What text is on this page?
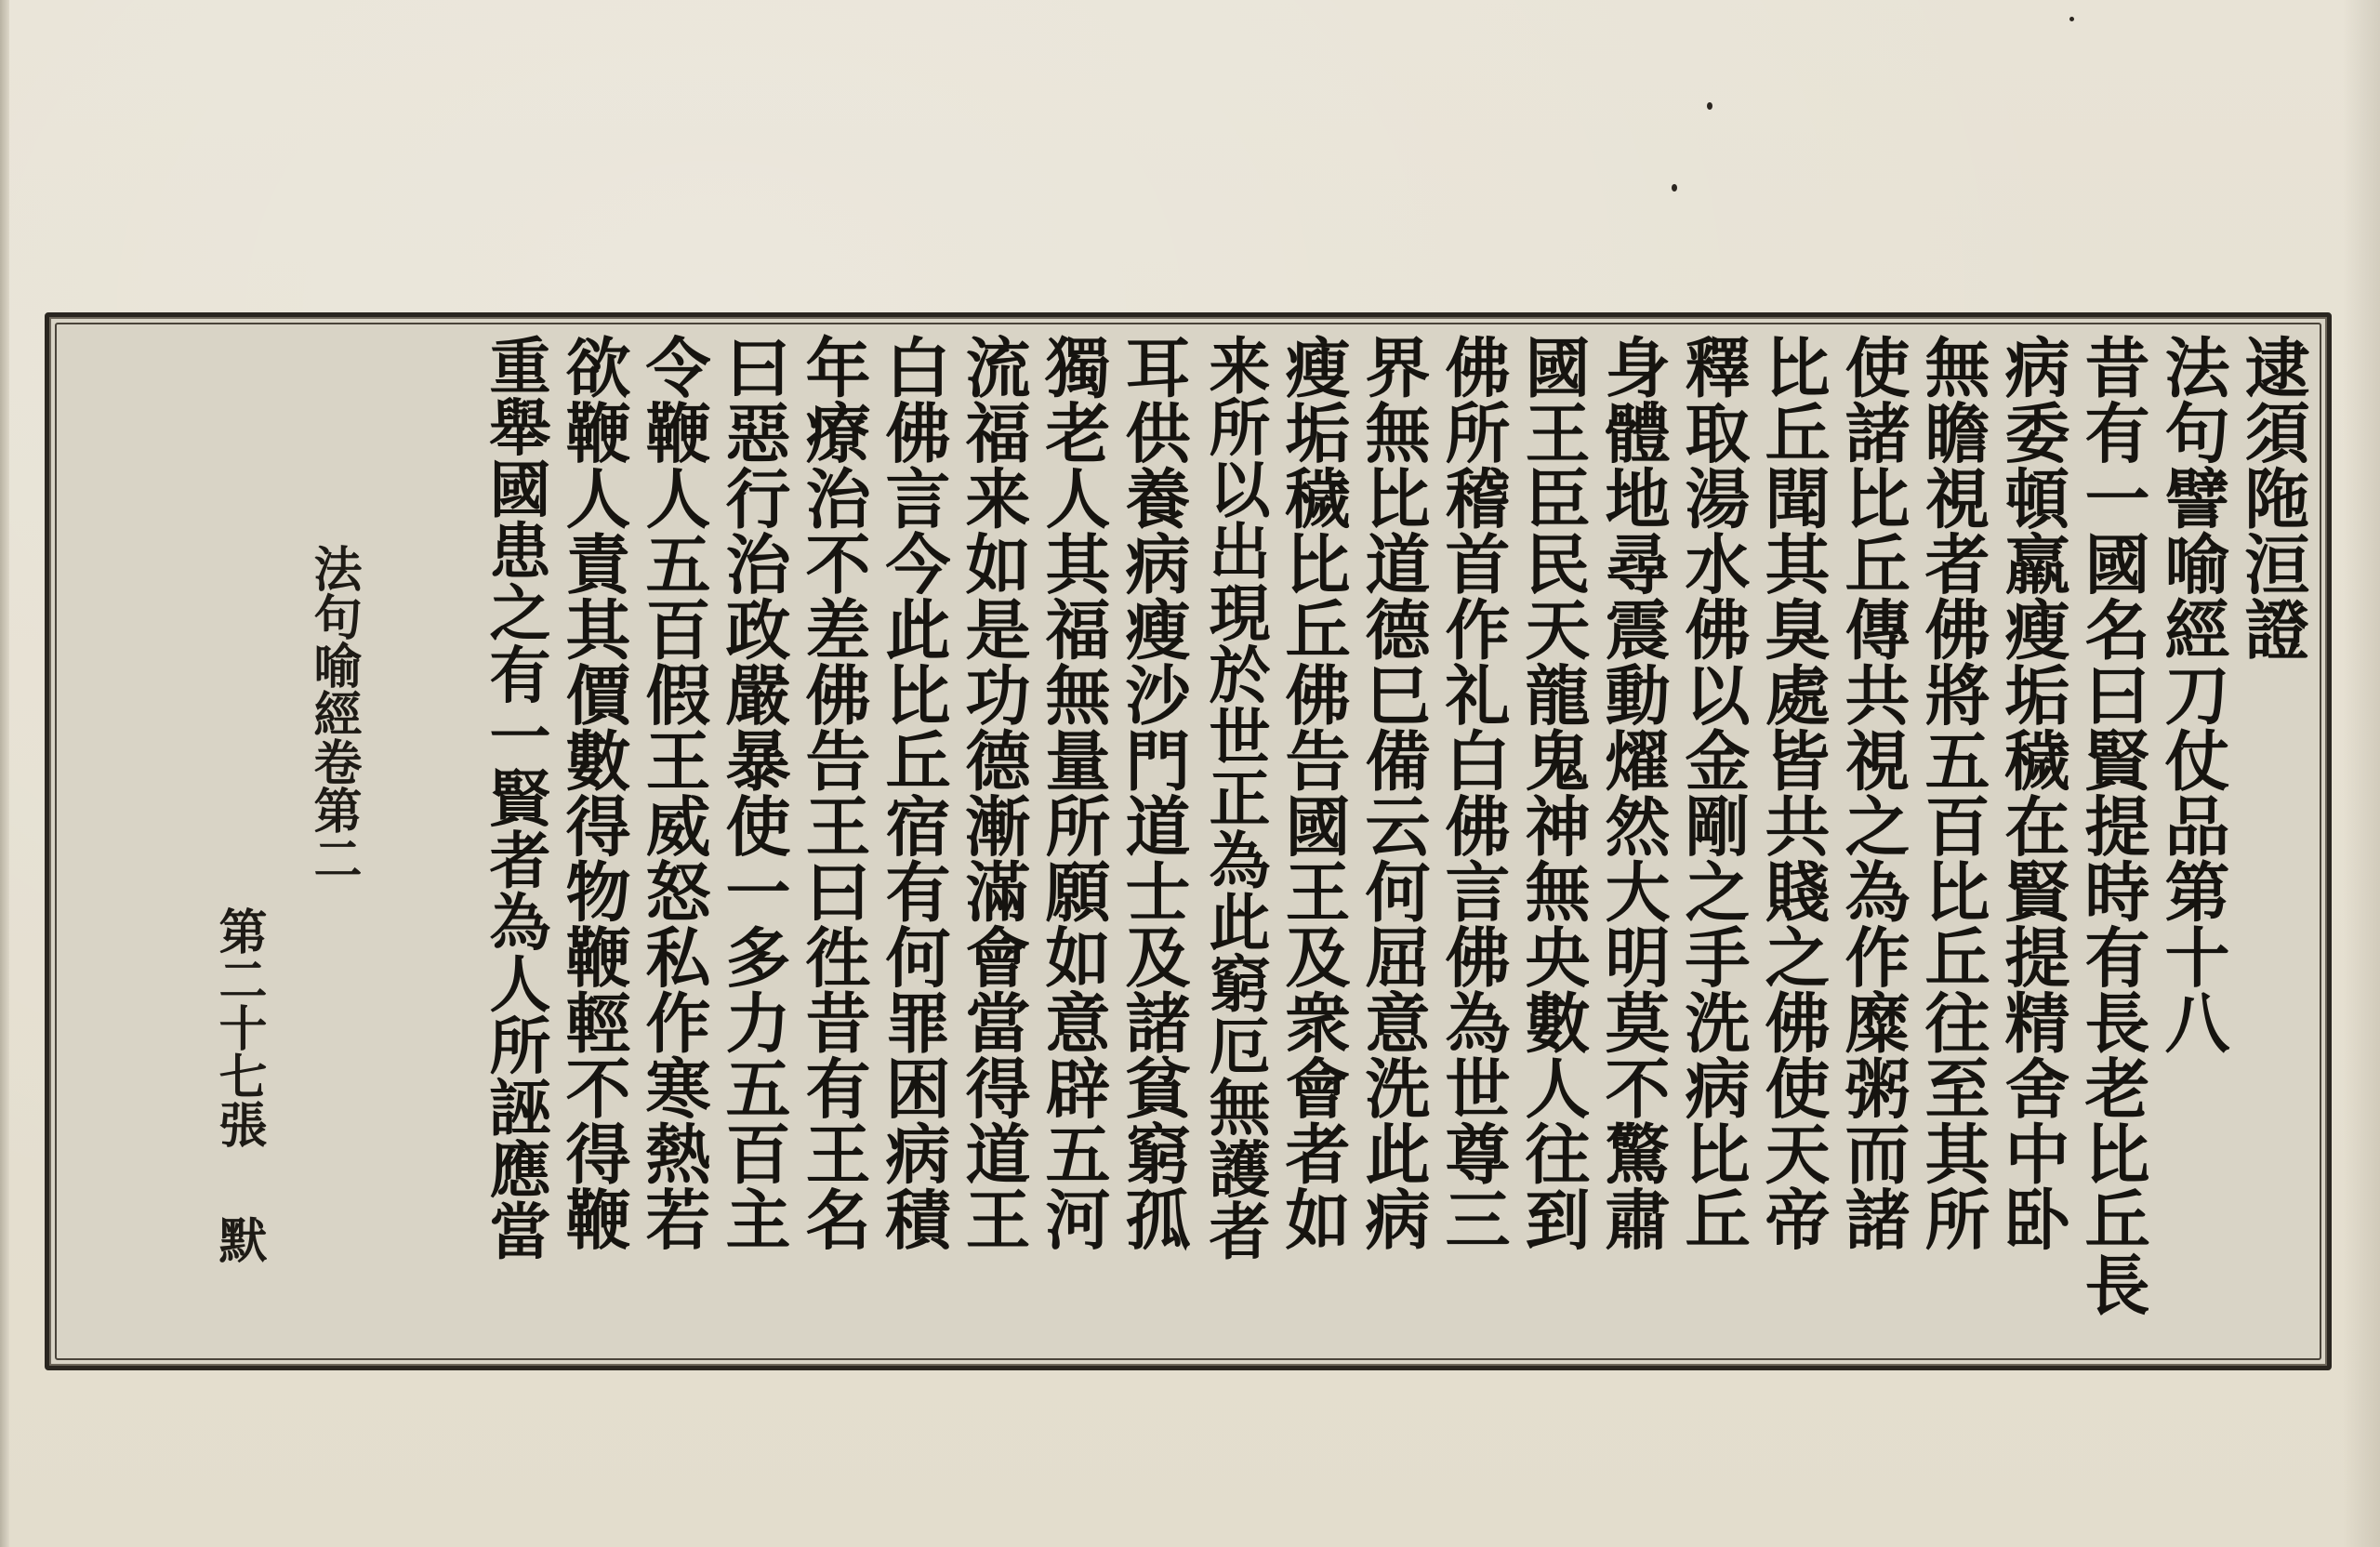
逮須陁洹證
法句譬喻經刀仗品第十八
昔有一國名曰賢提時有長老比丘長
病委頓羸瘦垢穢在賢提精舍中卧
無瞻視者佛將五百比丘往至其所
使諸比丘傳共視之為作糜粥而諸
比丘聞其臭處皆共賤之佛使天帝
釋取湯水佛以金剛之手洗病比丘
身體地尋震動燿然大明莫不驚肅
國王臣民天龍鬼神無央數人往到
佛所稽首作礼白佛言佛為世尊三
界無比道德巳備云何屈意洗此病
瘦垢穢比丘佛告國王及衆會者如
来所以出現於世正為此窮厄無護者
耳供養病瘦沙門道士及諸貧窮孤
獨老人其福無量所願如意辟五河
流福来如是功德漸滿會當得道王
白佛言今此比丘宿有何罪困病積
年療治不差佛告王曰徃昔有王名
曰惡行治政嚴暴使一多力五百主
令鞭人五百假王威怒私作寒熱若
欲鞭人責其價數得物鞭輕不得鞭
重舉國患之有一賢者為人所誣應當
法句喻經卷第二
第二十七張
默
